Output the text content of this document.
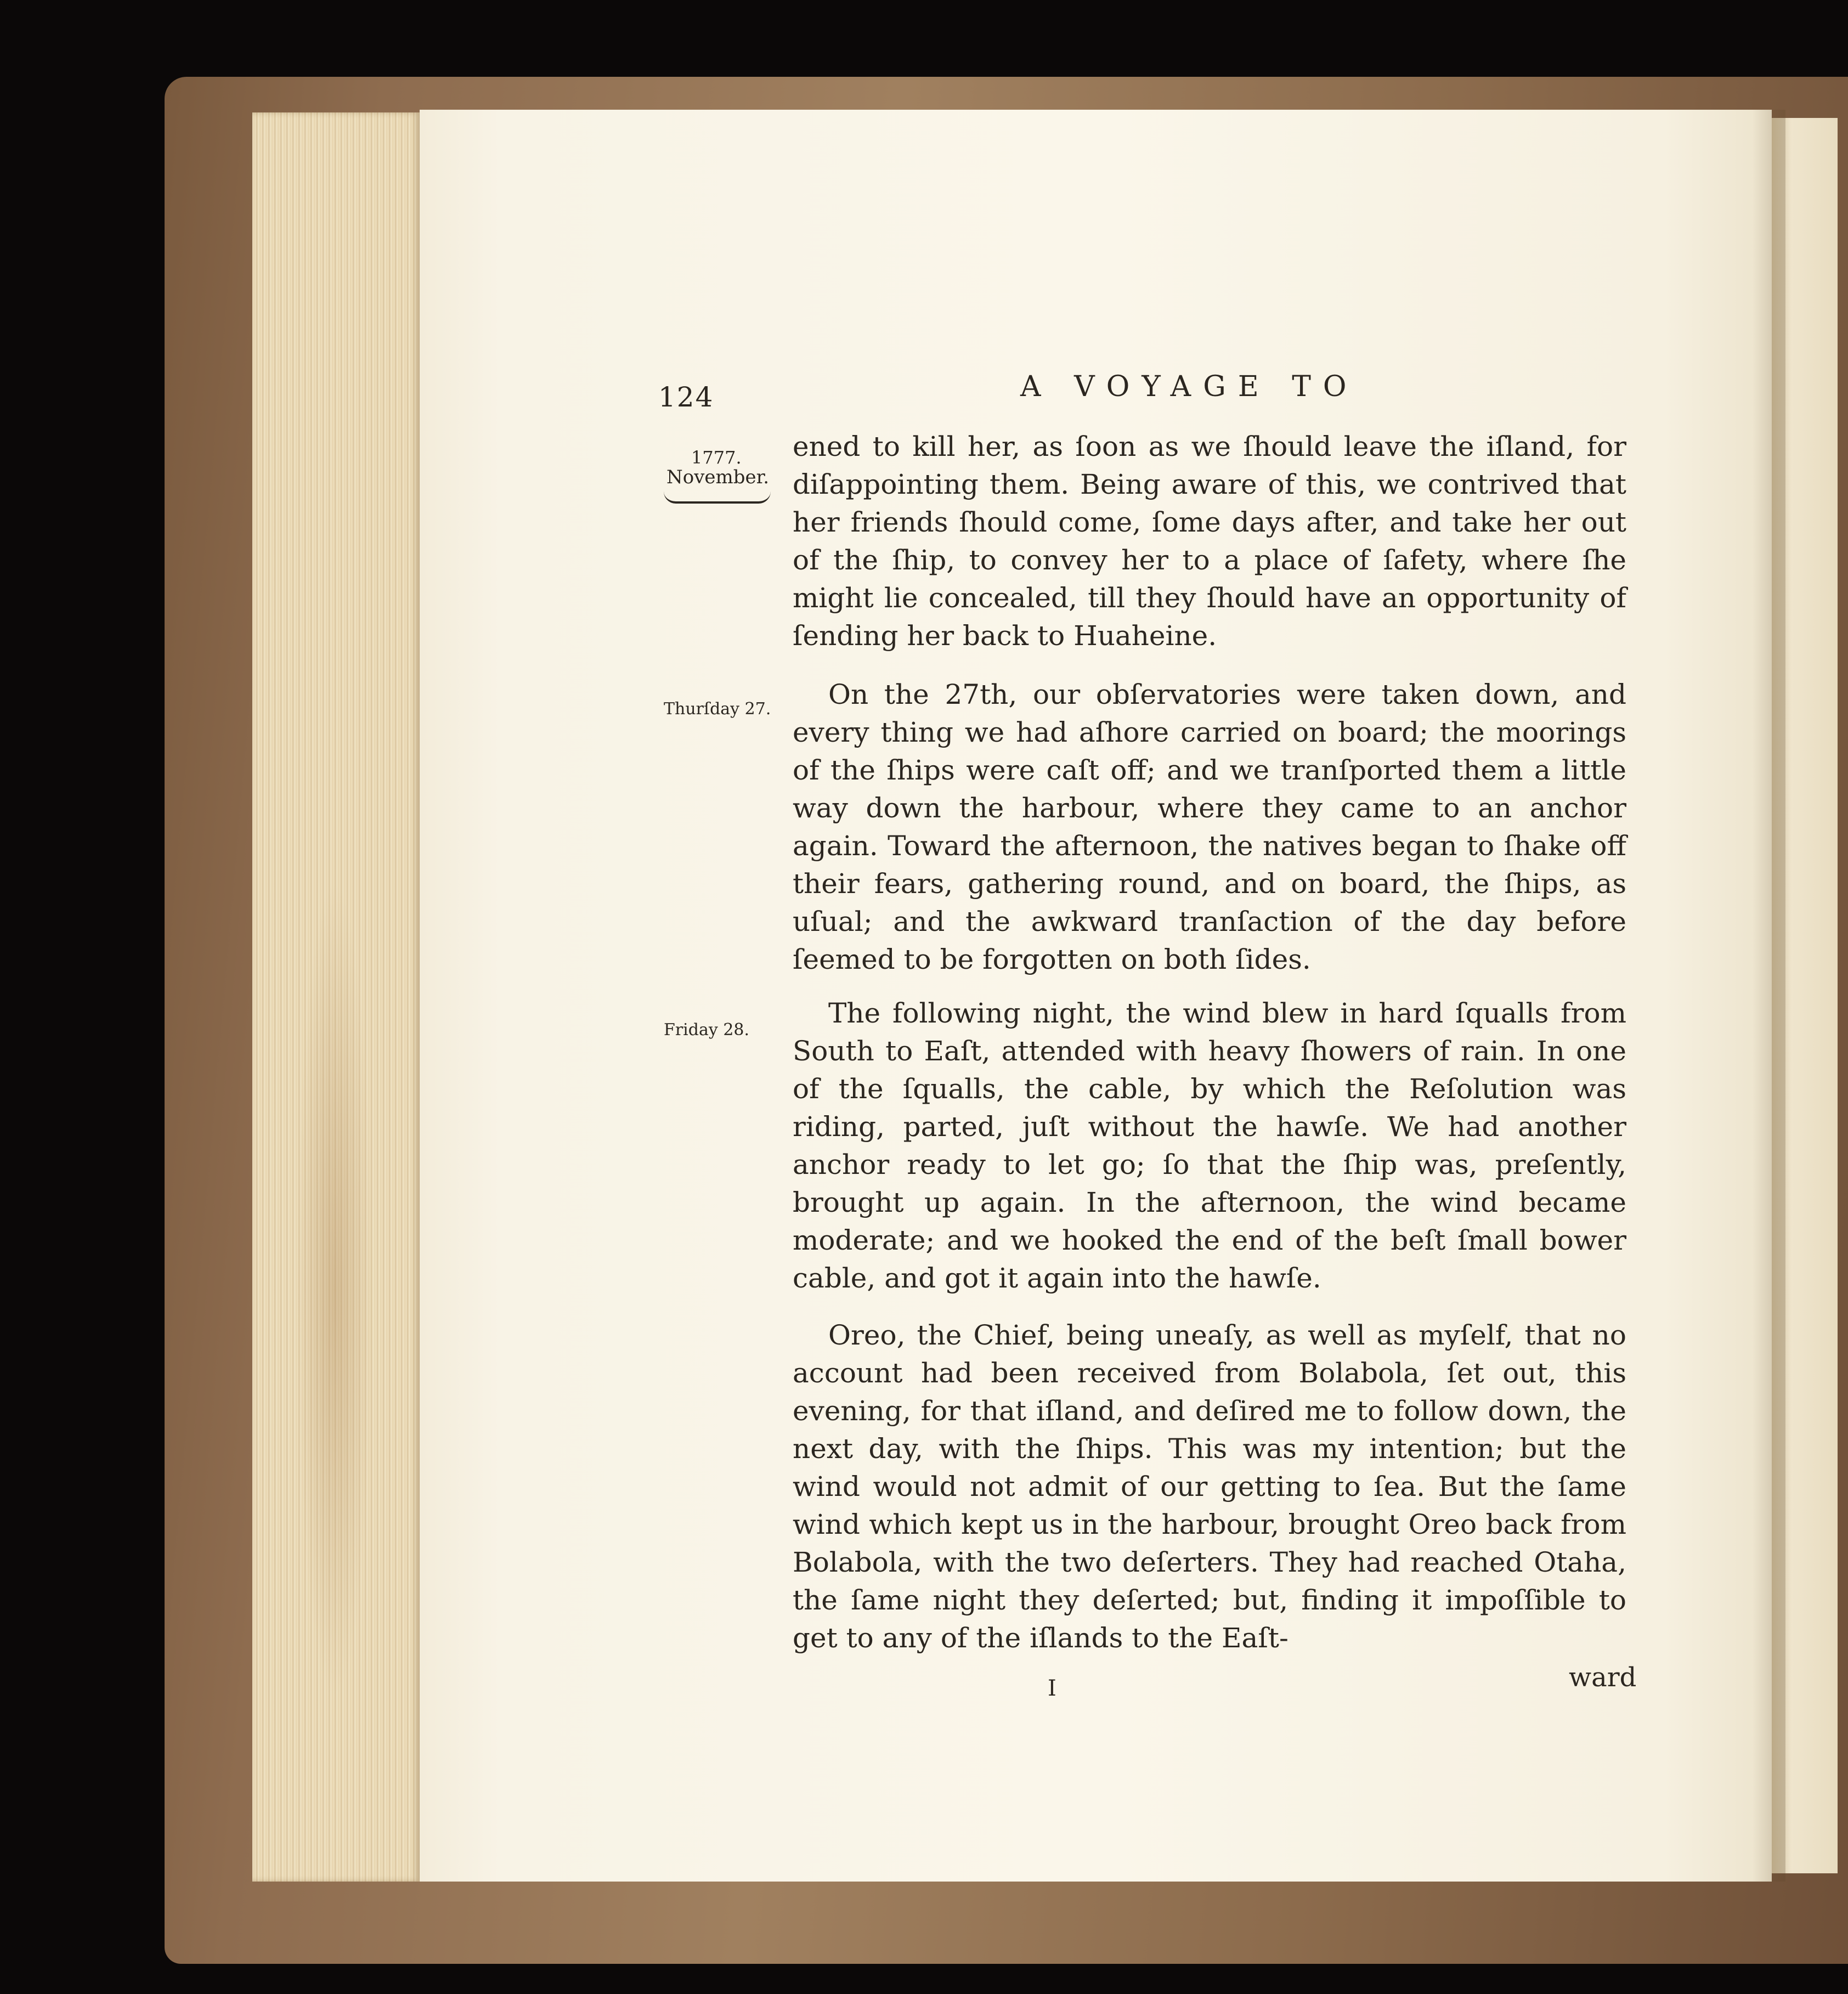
124	A VOYAGE TO

1777.

November.

Thurſday 27.

Friday 28.

ened to kill her, as ſoon as we ſhould leave the iſland, for diſappointing them. Being aware of this, we contrived that her friends ſhould come, ſome days after, and take her out of the ſhip, to convey her to a place of ſafety, where ſhe might lie concealed, till they ſhould have an opportunity of ſending her back to Huaheine.

On the 27th, our obſervatories were taken down, and every thing we had aſhore carried on board; the moorings of the ſhips were caſt off; and we tranſported them a little way down the harbour, where they came to an anchor again. Toward the afternoon, the natives began to ſhake off their fears, gathering round, and on board, the ſhips, as uſual; and the awkward tranſaction of the day before ſeemed to be forgotten on both ſides.

The following night, the wind blew in hard ſqualls from South to Eaſt, attended with heavy ſhowers of rain. In one of the ſqualls, the cable, by which the Reſolution was riding, parted, juſt without the hawſe. We had another anchor ready to let go; ſo that the ſhip was, preſently, brought up again. In the afternoon, the wind became moderate; and we hooked the end of the beſt ſmall bower cable, and got it again into the hawſe.

Oreo, the Chief, being uneaſy, as well as myſelf, that no account had been received from Bolabola, ſet out, this evening, for that iſland, and deſired me to follow down, the next day, with the ſhips. This was my intention; but the wind would not admit of our getting to ſea. But the ſame wind which kept us in the harbour, brought Oreo back from Bolabola, with the two deſerters. They had reached Otaha, the ſame night they deſerted; but, finding it impoſſible to get to any of the iſlands to the Eaſt-

ward

I
